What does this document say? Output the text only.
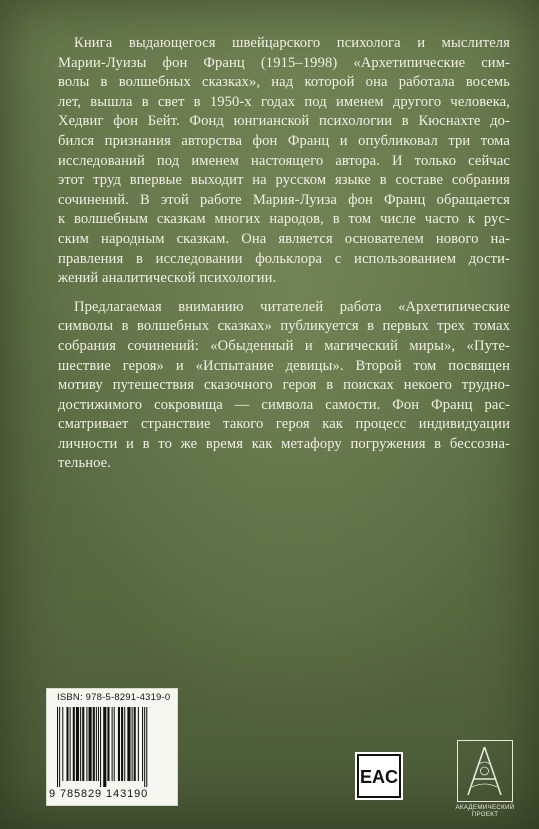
Книга выдающегося швейцарского психолога и мыслителя
Марии-Луизы фон Франц (1915–1998) «Архетипические сим-
волы в волшебных сказках», над которой она работала восемь
лет, вышла в свет в 1950-х годах под именем другого человека,
Хедвиг фон Бейт. Фонд юнгианской психологии в Кюснахте до-
бился признания авторства фон Франц и опубликовал три тома
исследований под именем настоящего автора. И только сейчас
этот труд впервые выходит на русском языке в составе собрания
сочинений. В этой работе Мария-Луиза фон Франц обращается
к волшебным сказкам многих народов, в том числе часто к рус-
ским народным сказкам. Она является основателем нового на-
правления в исследовании фольклора с использованием дости-
жений аналитической психологии.
Предлагаемая вниманию читателей работа «Архетипические
символы в волшебных сказках» публикуется в первых трех томах
собрания сочинений: «Обыденный и магический миры», «Путе-
шествие героя» и «Испытание девицы». Второй том посвящен
мотиву путешествия сказочного героя в поисках некоего трудно-
достижимого сокровища — символа самости. Фон Франц рас-
сматривает странствие такого героя как процесс индивидуации
личности и в то же время как метафору погружения в бессозна-
тельное.
ISBN: 978-5-8291-4319-0
9 785829 143190
EAC
АКАДЕМИЧЕСКИЙ
ПРОЕКТ
